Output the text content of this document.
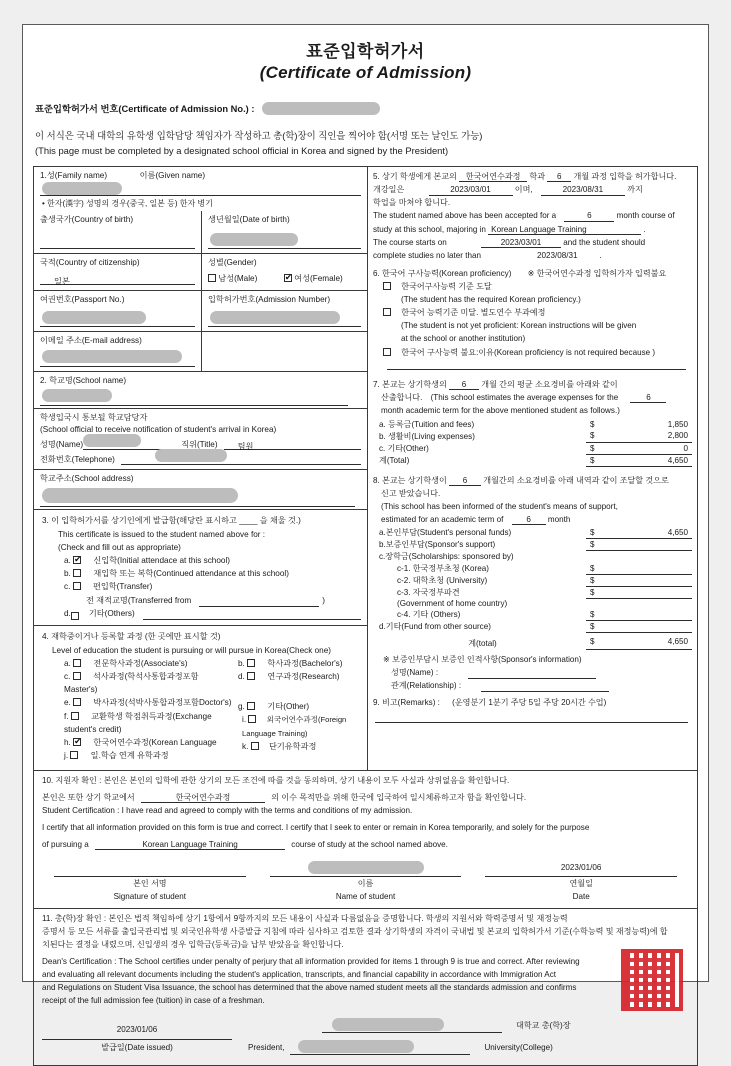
표준입학허가서
(Certificate of Admission)
표준입학허가서 번호(Certificate of Admission No.) :
이 서식은 국내 대학의 유학생 입학담당 책임자가 작성하고 총(학)장이 직인을 찍어야 함(서명 또는 날인도 가능)
(This page must be completed by a designated school official in Korea and signed by the President)
1.성(Family name)	이름(Given name)
• 한자(漢字) 성명의 경우(중국, 일본 등) 한자 병기
출생국가(Country of birth)	생년월일(Date of birth)
국적(Country of citizenship)
일본
성별(Gender)
남성(Male) ✔	여성(Female)
여권번호(Passport No.)	입학허가번호(Admission Number)
이메일 주소(E-mail address)
2. 학교명(School name)
학생입국시 통보될 학교담당자
(School official to receive notification of student's arrival in Korea)
성명(Name)	직위(Title)	팀원
전화번호(Telephone)
학교주소(School address)
3. 이 입학허가서를 상기인에게 발급함(해당란 표시하고 ____ 을 채울 것.)
This certificate is issued to the student named above for :
(Check and fill out as appropriate)
a. ✔	신입학(Initial attendace at this school)
b.	재입학 또는 복학(Continued attendance at this school)
c.	편입학(Transfer)
전 재적교명(Transferred from	)
d. 기타(Others)
4. 재학중이거나 등록할 과정 (한 곳에만 표시할 것)
Level of education the student is pursuing or will pursue in Korea(Check one)
a.	전문학사과정(Associate's)
c.	석사과정(학석사통합과정포함 Master's)
e.	박사과정(석박사통합과정포함Doctor's)
f.	교환학생 학점취득과정(Exchange student's credit)
h. ✔	한국어연수과정(Korean Language
j.	일.학습 연계 유학과정
b.	학사과정(Bachelor's)
d.	연구과정(Research)
g.	기타(Other)
i.	외국어연수과정(Foreign Language Training)
k.	단기유학과정
5. 상기 학생에게 본교의 한국어연수과정 학과 6 개월 과정 입학을 허가합니다.
개강일은	2023/03/01	이며,	2023/08/31	까지
학업을 마쳐야 합니다.
The student named above has been accepted for a	6	month course of
study at this school, majoring in Korean Language Training	.
The course starts on	2023/03/01	and the student should
complete studies no later than	2023/08/31	.
6. 한국어 구사능력(Korean proficiency) ※ 한국어연수과정 입학허가자 입력불요
한국어구사능력 기준 도달
(The student has the required Korean proficiency.)
한국어 능력기준 미달. 별도연수 부과예정
(The student is not yet proficient: Korean instructions will be given
at the school or another institution)
한국어 구사능력 불요:이유(Korean proficiency is not required because )
7. 본교는 상기학생의 6 개월 간의 평균 소요경비를 아래와 같이
산출합니다. (This school estimates the average expenses for the	6
month academic term for the above mentioned student as follows.)
a. 등록금(Tuition and fees)	$	1,850
b. 생활비(Living expenses)	$	2,800
c. 기타(Other)	$	0
계(Total)	$	4,650
8. 본교는 상기학생이 6 개월간의 소요경비를 아래 내역과 같이 조달할 것으로
신고 받았습니다.
(This school has been informed of the student's means of support,
estimated for an academic term of	6 month
a.본인부담(Student's personal funds)	$	4,650
b.보증인부담(Sponsor's support)	$	
c.장학금(Scholarships: sponsored by)		
c-1. 한국정부초청 (Korea)	$	
c-2. 대학초청 (University)	$	
c-3. 자국정부파견	$	
(Government of home country)		
c-4. 기타 (Others)	$	
d.기타(Fund from other source)	$	
계(total)	$	4,650
※ 보증인부담시 보증인 인적사항(Sponsor's information)
성명(Name) :
관계(Relationship) :
9. 비고(Remarks) : (운영분기 1분기 주당 5일 주당 20시간 수업)
10. 지원자 확인 : 본인은 본인의 입학에 관한 상기의 모든 조건에 따를 것을 동의하며, 상기 내용이 모두 사실과 상위없음을 확인합니다.
본인은 또한 상기 학교에서	한국어연수과정	의 이수 목적만을 위해 한국에 입국하여 일시체류하고자 함을 확인합니다.
Student Certification : I have read and agreed to comply with the terms and conditions of my admission.
I certify that all information provided on this form is true and correct. I certify that I seek to enter or remain in Korea temporarily, and solely for the purpose
of pursuing a	Korean Language Training	course of study at the school named above.
본인 서명
Signature of student
이름
Name of student
2023/01/06
연월일
Date
11. 총(학)장 확인 : 본인은 법적 책임하에 상기 1항에서 9항까지의 모든 내용이 사실과 다름없음을 증명합니다. 학생의 지원서와 학력증명서 및 재정능력
증명서 등 모든 서류를 출입국관리법 및 외국인유학생 사증발급 지침에 따라 심사하고 검토한 결과 상기학생의 자격이 국내법 및 본교의 입학허가서 기준(수학능력 및 재정능력)에 합
치된다는 결정을 내렸으며, 신입생의 경우 입학금(등록금)을 납부 받았음을 확인합니다.
Dean's Certification : The School certifies under penalty of perjury that all information provided for items 1 through 9 is true and correct. After reviewing
and evaluating all relevant documents including the student's application, transcripts, and financial capability in accordance with Immigration Act
and Regulations on Student Visa Issuance, the school has determined that the above named student meets all the standards admission and confirms
receipt of the full admission fee (tuition) in case of a freshman.
2023/01/06
발급일(Date issued)
대학교 총(학)장
President,	University(College)
